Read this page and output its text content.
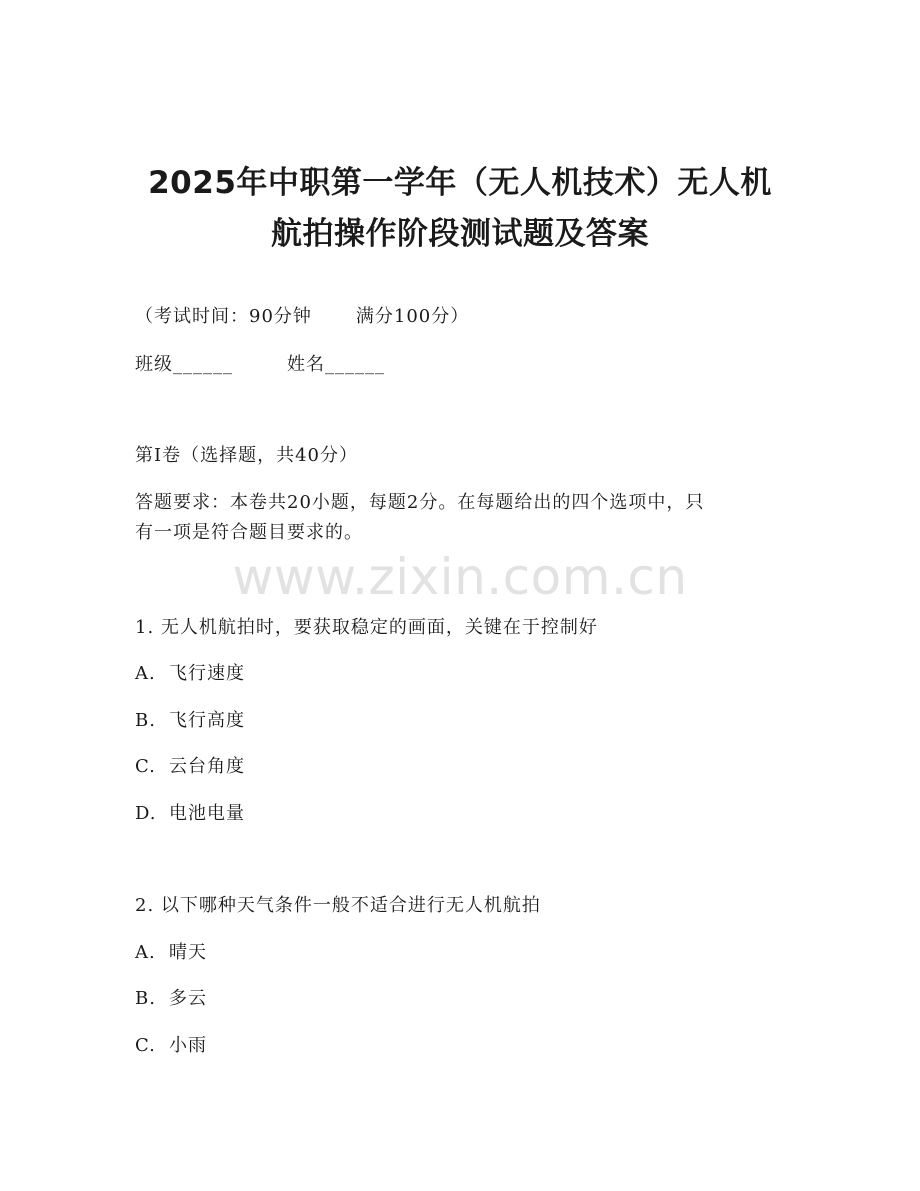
2025年中职第一学年（无人机技术）无人机
航拍操作阶段测试题及答案

（考试时间：90分钟 满分100分）

班级______	姓名______

第I卷（选择题，共40分）

答题要求：本卷共20小题，每题2分。在每题给出的四个选项中，只

有一项是符合题目要求的。

www.zixin.com.cn

1. 无人机航拍时，要获取稳定的画面，关键在于控制好

A. 飞行速度

B. 飞行高度

C. 云台角度

D. 电池电量

2. 以下哪种天气条件一般不适合进行无人机航拍

A. 晴天

B. 多云

C. 小雨
